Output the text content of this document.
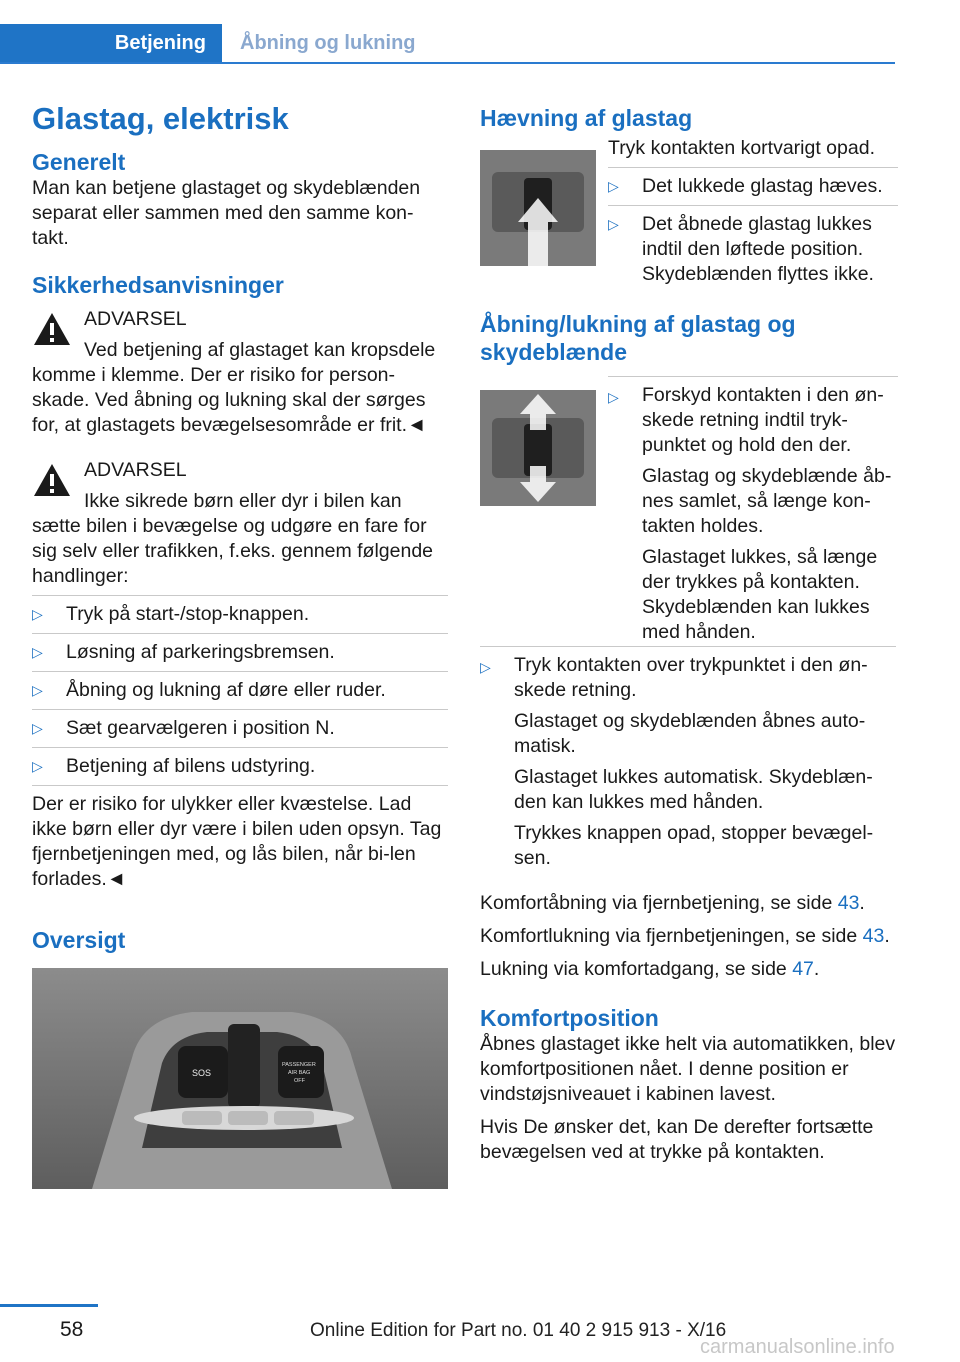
Betjening	Åbning og lukning
Glastag, elektrisk
Generelt

Man kan betjene glastaget og skydeblænden separat eller sammen med den samme kon-takt.

Sikkerhedsanvisninger
ADVARSEL
Ved betjening af glastaget kan kropsdele
komme i klemme. Der er risiko for person-skade. Ved åbning og lukning skal der sørges for, at glastagets bevægelsesområde er frit.◄
ADVARSEL
Ikke sikrede børn eller dyr i bilen kan
sætte bilen i bevægelse og udgøre en fare for sig selv eller trafikken, f.eks. gennem følgende handlinger:
▷ Tryk på start-/stop-knappen.
▷ Løsning af parkeringsbremsen.
▷ Åbning og lukning af døre eller ruder.
▷ Sæt gearvælgeren i position N.
▷ Betjening af bilens udstyring.
Der er risiko for ulykker eller kvæstelse. Lad ikke børn eller dyr være i bilen uden opsyn. Tag fjernbetjeningen med, og lås bilen, når bi-len forlades.◄
Oversigt
SOS
PASSENGER
AIR BAG
OFF
Hævning af glastag

Tryk kontakten kortvarigt opad.

▷ Det lukkede glastag hæves.
▷ Det åbnede glastag lukkes indtil den løftede position. Skydeblænden flyttes ikke.
Åbning/lukning af glastag og skydeblænde
▷ Forskyd kontakten i den øn-skede retning indtil tryk-punktet og hold den der.
Glastag og skydeblænde åb-nes samlet, så længe kon-takten holdes.
Glastaget lukkes, så længe der trykkes på kontakten. Skydeblænden kan lukkes med hånden.
▷ Tryk kontakten over trykpunktet i den øn-skede retning.
Glastaget og skydeblænden åbnes auto-matisk.
Glastaget lukkes automatisk. Skydeblæn-den kan lukkes med hånden.
Trykkes knappen opad, stopper bevægel-sen.

Komfortåbning via fjernbetjening, se side 43.

Komfortlukning via fjernbetjeningen, se side 43.

Lukning via komfortadgang, se side 47.

Komfortposition

Åbnes glastaget ikke helt via automatikken, blev komfortpositionen nået. I denne position er vindstøjsniveauet i kabinen lavest.

Hvis De ønsker det, kan De derefter fortsætte bevægelsen ved at trykke på kontakten.

58	Online Edition for Part no. 01 40 2 915 913 - X/16
carmanualsonline.info
